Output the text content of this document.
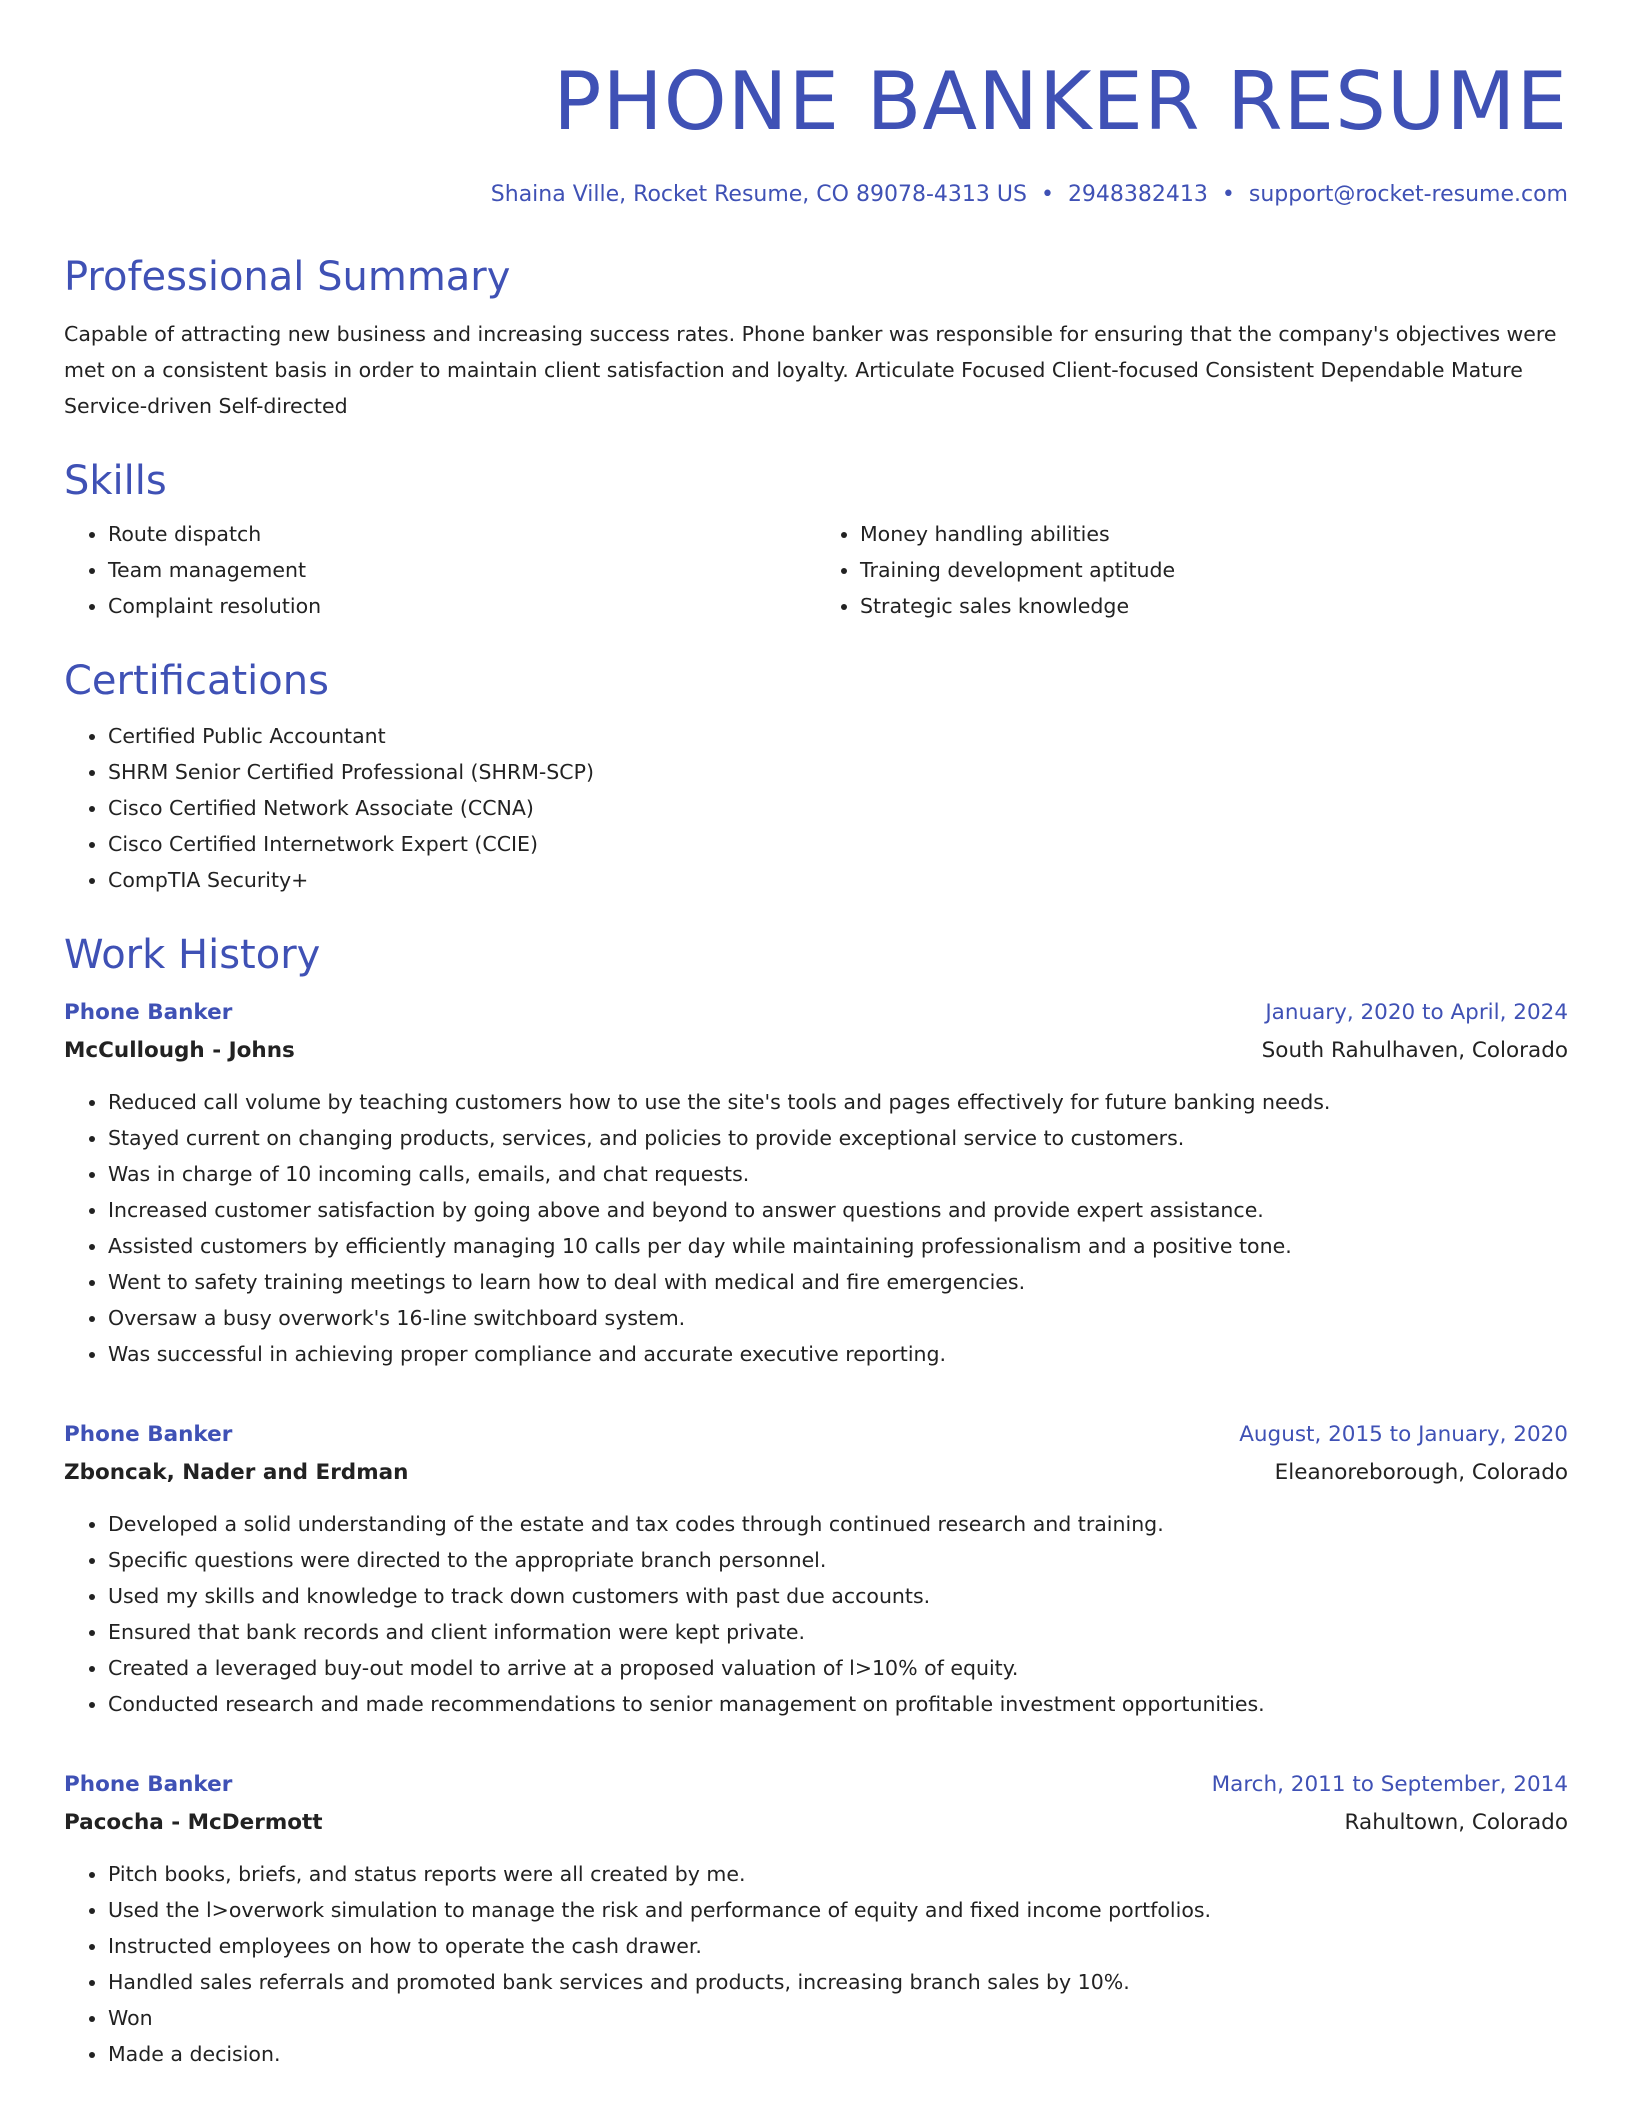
PHONE BANKER RESUME
Shaina Ville, Rocket Resume, CO 89078-4313 US • 2948382413 • support@rocket-resume.com
Professional Summary

Capable of attracting new business and increasing success rates. Phone banker was responsible for ensuring that the company's objectives were met on a consistent basis in order to maintain client satisfaction and loyalty. Articulate Focused Client-focused Consistent Dependable Mature Service-driven Self-directed

Skills
• Route dispatch
• Team management
• Complaint resolution
• Money handling abilities
• Training development aptitude
• Strategic sales knowledge
Certifications
• Certified Public Accountant
• SHRM Senior Certified Professional (SHRM-SCP)
• Cisco Certified Network Associate (CCNA)
• Cisco Certified Internetwork Expert (CCIE)
• CompTIA Security+
Work History
Phone Banker	January, 2020 to April, 2024
McCullough - Johns	South Rahulhaven, Colorado
• Reduced call volume by teaching customers how to use the site's tools and pages effectively for future banking needs.
• Stayed current on changing products, services, and policies to provide exceptional service to customers.
• Was in charge of 10 incoming calls, emails, and chat requests.
• Increased customer satisfaction by going above and beyond to answer questions and provide expert assistance.
• Assisted customers by efficiently managing 10 calls per day while maintaining professionalism and a positive tone.
• Went to safety training meetings to learn how to deal with medical and fire emergencies.
• Oversaw a busy overwork's 16-line switchboard system.
• Was successful in achieving proper compliance and accurate executive reporting.
Phone Banker	August, 2015 to January, 2020
Zboncak, Nader and Erdman	Eleanoreborough, Colorado
• Developed a solid understanding of the estate and tax codes through continued research and training.
• Specific questions were directed to the appropriate branch personnel.
• Used my skills and knowledge to track down customers with past due accounts.
• Ensured that bank records and client information were kept private.
• Created a leveraged buy-out model to arrive at a proposed valuation of l>10% of equity.
• Conducted research and made recommendations to senior management on profitable investment opportunities.
Phone Banker	March, 2011 to September, 2014
Pacocha - McDermott	Rahultown, Colorado
• Pitch books, briefs, and status reports were all created by me.
• Used the l>overwork simulation to manage the risk and performance of equity and fixed income portfolios.
• Instructed employees on how to operate the cash drawer.
• Handled sales referrals and promoted bank services and products, increasing branch sales by 10%.
• Won
• Made a decision.
